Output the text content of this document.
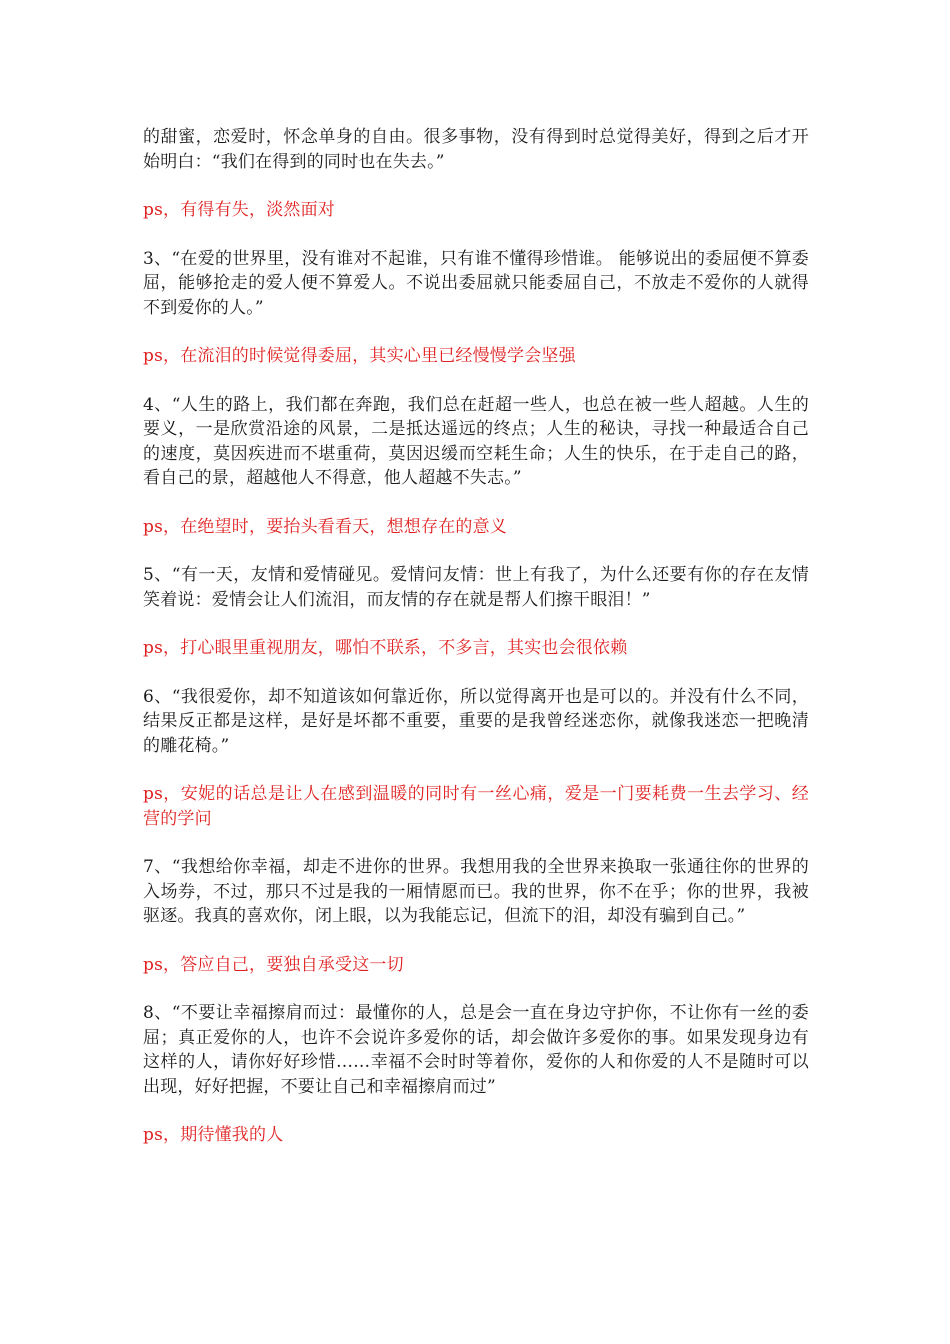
的甜蜜，恋爱时，怀念单身的自由。很多事物，没有得到时总觉得美好，得到之后才开始明白：“我们在得到的同时也在失去。”

ps，有得有失，淡然面对

3、“在爱的世界里，没有谁对不起谁，只有谁不懂得珍惜谁。 能够说出的委屈便不算委屈，能够抢走的爱人便不算爱人。不说出委屈就只能委屈自己，不放走不爱你的人就得不到爱你的人。”

ps，在流泪的时候觉得委屈，其实心里已经慢慢学会坚强

4、“人生的路上，我们都在奔跑，我们总在赶超一些人，也总在被一些人超越。人生的要义，一是欣赏沿途的风景，二是抵达遥远的终点；人生的秘诀，寻找一种最适合自己的速度，莫因疾进而不堪重荷，莫因迟缓而空耗生命；人生的快乐，在于走自己的路，看自己的景，超越他人不得意，他人超越不失志。”

ps，在绝望时，要抬头看看天，想想存在的意义

5、“有一天，友情和爱情碰见。爱情问友情：世上有我了，为什么还要有你的存在友情笑着说：爱情会让人们流泪，而友情的存在就是帮人们擦干眼泪！”

ps，打心眼里重视朋友，哪怕不联系，不多言，其实也会很依赖

6、“我很爱你，却不知道该如何靠近你，所以觉得离开也是可以的。并没有什么不同，结果反正都是这样，是好是坏都不重要，重要的是我曾经迷恋你，就像我迷恋一把晚清的雕花椅。”

ps，安妮的话总是让人在感到温暖的同时有一丝心痛，爱是一门要耗费一生去学习、经营的学问

7、“我想给你幸福，却走不进你的世界。我想用我的全世界来换取一张通往你的世界的入场券，不过，那只不过是我的一厢情愿而已。我的世界，你不在乎；你的世界，我被驱逐。我真的喜欢你，闭上眼，以为我能忘记，但流下的泪，却没有骗到自己。”

ps，答应自己，要独自承受这一切

8、“不要让幸福擦肩而过：最懂你的人，总是会一直在身边守护你，不让你有一丝的委屈；真正爱你的人，也许不会说许多爱你的话，却会做许多爱你的事。如果发现身边有这样的人，请你好好珍惜……幸福不会时时等着你，爱你的人和你爱的人不是随时可以出现，好好把握，不要让自己和幸福擦肩而过”

ps，期待懂我的人
